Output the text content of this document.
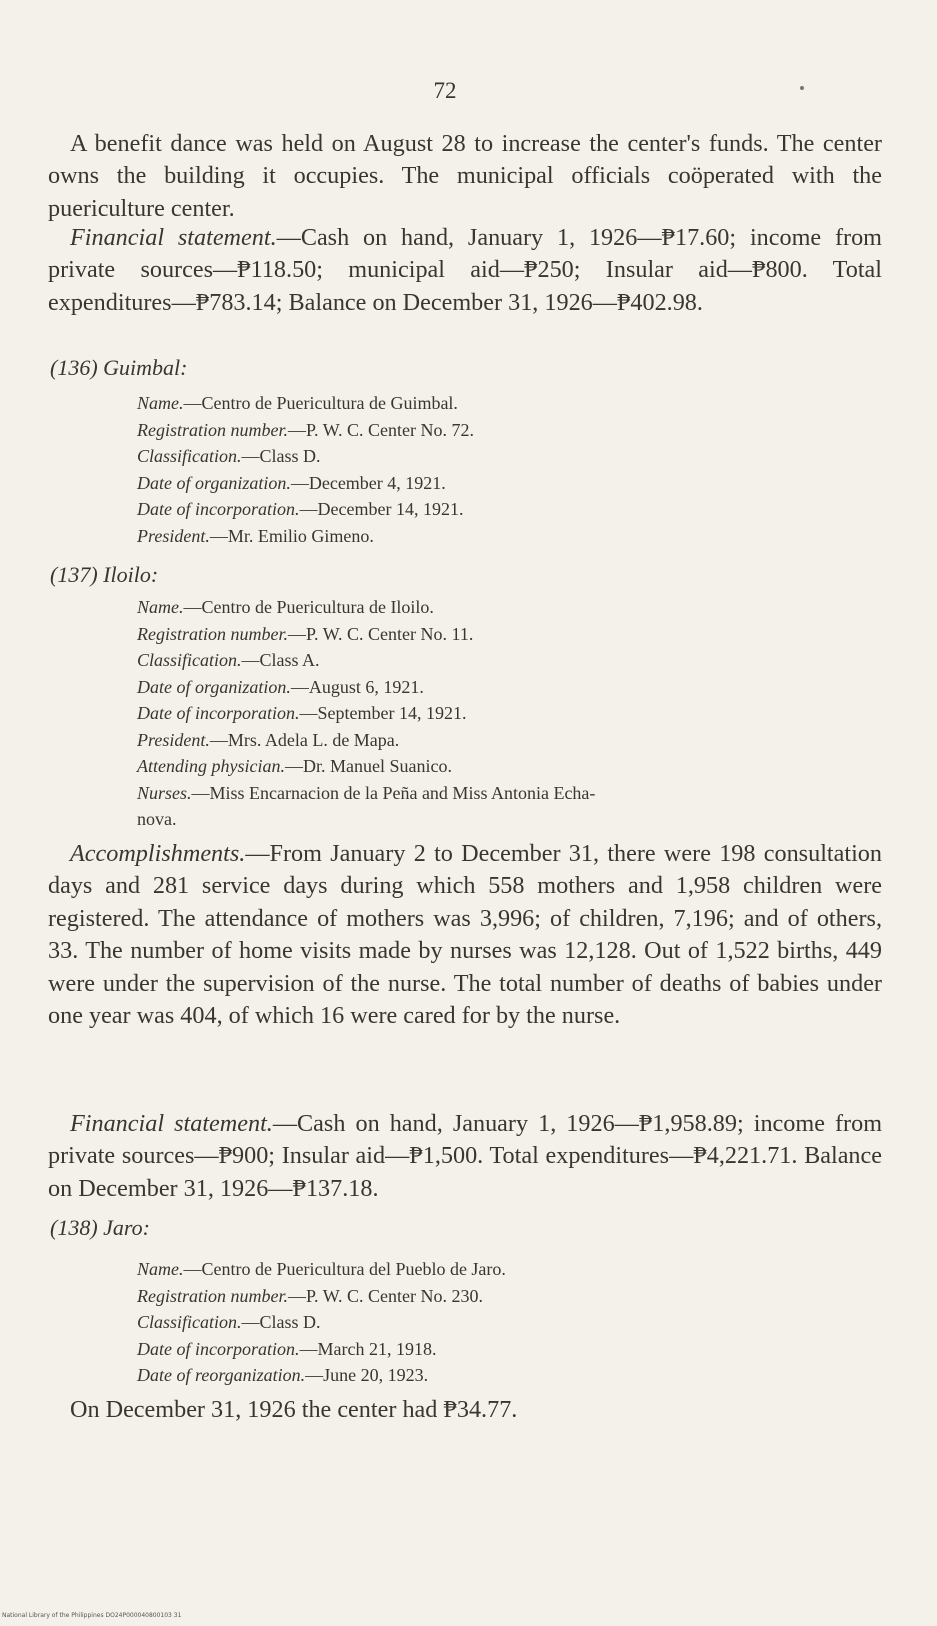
72

A benefit dance was held on August 28 to increase the center's funds. The center owns the building it occupies. The municipal officials coöperated with the puericulture center.

Financial statement.—Cash on hand, January 1, 1926—₱17.60; income from private sources—₱118.50; municipal aid—₱250; Insular aid—₱800. Total expenditures—₱783.14; Balance on December 31, 1926—₱402.98.

(136) Guimbal:

Name.—Centro de Puericultura de Guimbal.

Registration number.—P. W. C. Center No. 72.

Classification.—Class D.

Date of organization.—December 4, 1921.

Date of incorporation.—December 14, 1921.

President.—Mr. Emilio Gimeno.

(137) Iloilo:

Name.—Centro de Puericultura de Iloilo.

Registration number.—P. W. C. Center No. 11.

Classification.—Class A.

Date of organization.—August 6, 1921.

Date of incorporation.—September 14, 1921.

President.—Mrs. Adela L. de Mapa.

Attending physician.—Dr. Manuel Suanico.

Nurses.—Miss Encarnacion de la Peña and Miss Antonia Echa-

nova.

Accomplishments.—From January 2 to December 31, there were 198 consultation days and 281 service days during which 558 mothers and 1,958 children were registered. The attendance of mothers was 3,996; of children, 7,196; and of others, 33. The number of home visits made by nurses was 12,128. Out of 1,522 births, 449 were under the supervision of the nurse. The total number of deaths of babies under one year was 404, of which 16 were cared for by the nurse.

Financial statement.—Cash on hand, January 1, 1926—₱1,958.89; income from private sources—₱900; Insular aid—₱1,500. Total expenditures—₱4,221.71. Balance on December 31, 1926—₱137.18.

(138) Jaro:

Name.—Centro de Puericultura del Pueblo de Jaro.

Registration number.—P. W. C. Center No. 230.

Classification.—Class D.

Date of incorporation.—March 21, 1918.

Date of reorganization.—June 20, 1923.

On December 31, 1926 the center had ₱34.77.

National Library of the Philippines DO24P000040800103 31
